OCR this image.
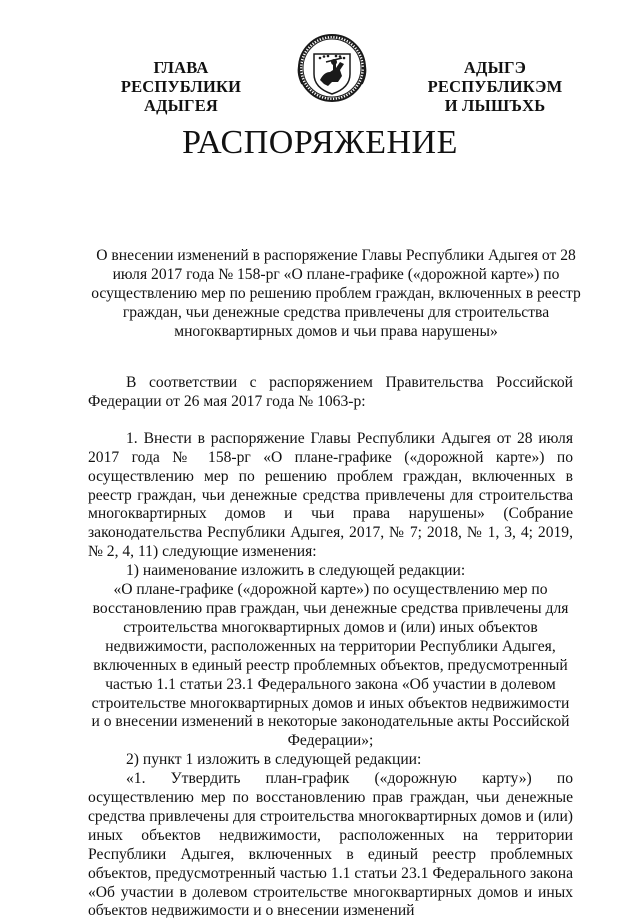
ГЛАВА
РЕСПУБЛИКИ АДЫГЕЯ
АДЫГЭ РЕСПУБЛИКЭМ
И ЛЫШЪХЬ
РАСПОРЯЖЕНИЕ
О внесении изменений в распоряжение Главы Республики Адыгея от 28 июля 2017 года № 158-рг «О плане-графике («дорожной карте») по осуществлению мер по решению проблем граждан, включенных в реестр граждан, чьи денежные средства привлечены для строительства многоквартирных домов и чьи права нарушены»

В соответствии с распоряжением Правительства Российской Федерации от 26 мая 2017 года № 1063-р:

1. Внести в распоряжение Главы Республики Адыгея от 28 июля 2017 года № 158-рг «О плане-графике («дорожной карте») по осуществлению мер по решению проблем граждан, включенных в реестр граждан, чьи денежные средства привлечены для строительства многоквартирных домов и чьи права нарушены» (Собрание законодательства Республики Адыгея, 2017, № 7; 2018, № 1, 3, 4; 2019, № 2, 4, 11) следующие изменения:

1) наименование изложить в следующей редакции:

«О плане-графике («дорожной карте») по осуществлению мер по восстановлению прав граждан, чьи денежные средства привлечены для строительства многоквартирных домов и (или) иных объектов недвижимости, расположенных на территории Республики Адыгея, включенных в единый реестр проблемных объектов, предусмотренный частью 1.1 статьи 23.1 Федерального закона «Об участии в долевом строительстве многоквартирных домов и иных объектов недвижимости и о внесении изменений в некоторые законодательные акты Российской Федерации»;

2) пункт 1 изложить в следующей редакции:

«1. Утвердить план-график («дорожную карту») по осуществлению мер по восстановлению прав граждан, чьи денежные средства привлечены для строительства многоквартирных домов и (или) иных объектов недвижимости, расположенных на территории Республики Адыгея, включенных в единый реестр проблемных объектов, предусмотренный частью 1.1 статьи 23.1 Федерального закона «Об участии в долевом строительстве многоквартирных домов и иных объектов недвижимости и о внесении изменений
